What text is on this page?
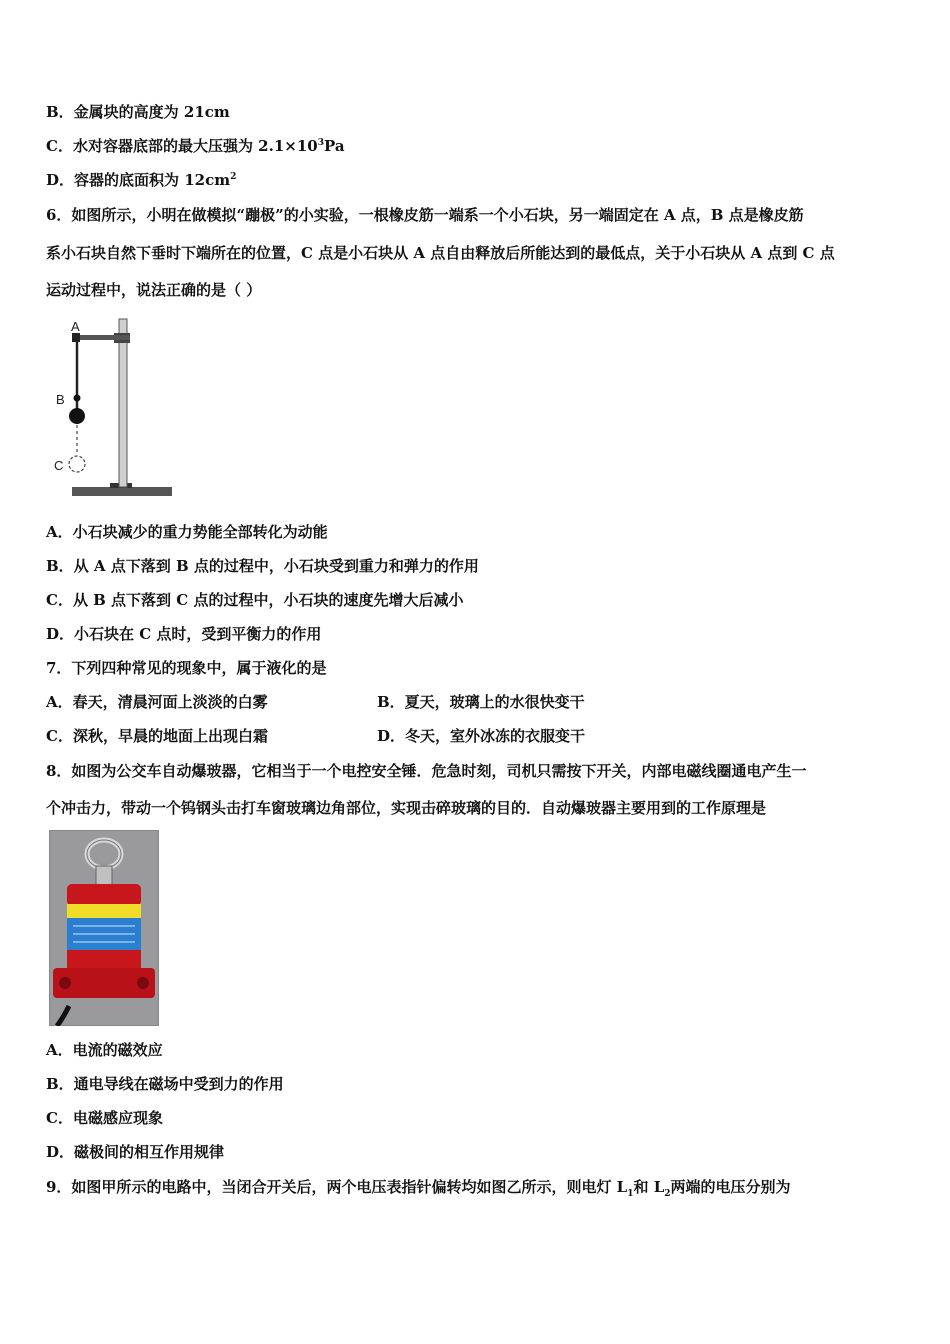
B．金属块的高度为 21cm
C．水对容器底部的最大压强为 $2.1\times 10^3Pa$
D．容器的底面积为 $12cm^2$
6．如图所示，小明在做模拟“蹦极”的小实验，一根橡皮筋一端系一个小石块，另一端固定在 A 点，B 点是橡皮筋
系小石块自然下垂时下端所在的位置，C 点是小石块从 A 点自由释放后所能达到的最低点，关于小石块从 A 点到 C 点
运动过程中，说法正确的是（ ）
A
B
C
A．小石块减少的重力势能全部转化为动能
B．从 A 点下落到 B 点的过程中，小石块受到重力和弹力的作用
C．从 B 点下落到 C 点的过程中，小石块的速度先增大后减小
D．小石块在 C 点时，受到平衡力的作用
7．下列四种常见的现象中，属于液化的是
A．春天，清晨河面上淡淡的白雾	B．夏天，玻璃上的水很快变干
C．深秋，早晨的地面上出现白霜	D．冬天，室外冰冻的衣服变干
8．如图为公交车自动爆玻器，它相当于一个电控安全锤．危急时刻，司机只需按下开关，内部电磁线圈通电产生一
个冲击力，带动一个钨钢头击打车窗玻璃边角部位，实现击碎玻璃的目的．自动爆玻器主要用到的工作原理是
A．电流的磁效应
B．通电导线在磁场中受到力的作用
C．电磁感应现象
D．磁极间的相互作用规律
9．如图甲所示的电路中，当闭合开关后，两个电压表指针偏转均如图乙所示，则电灯 $L_1$和 $L_2$两端的电压分别为
